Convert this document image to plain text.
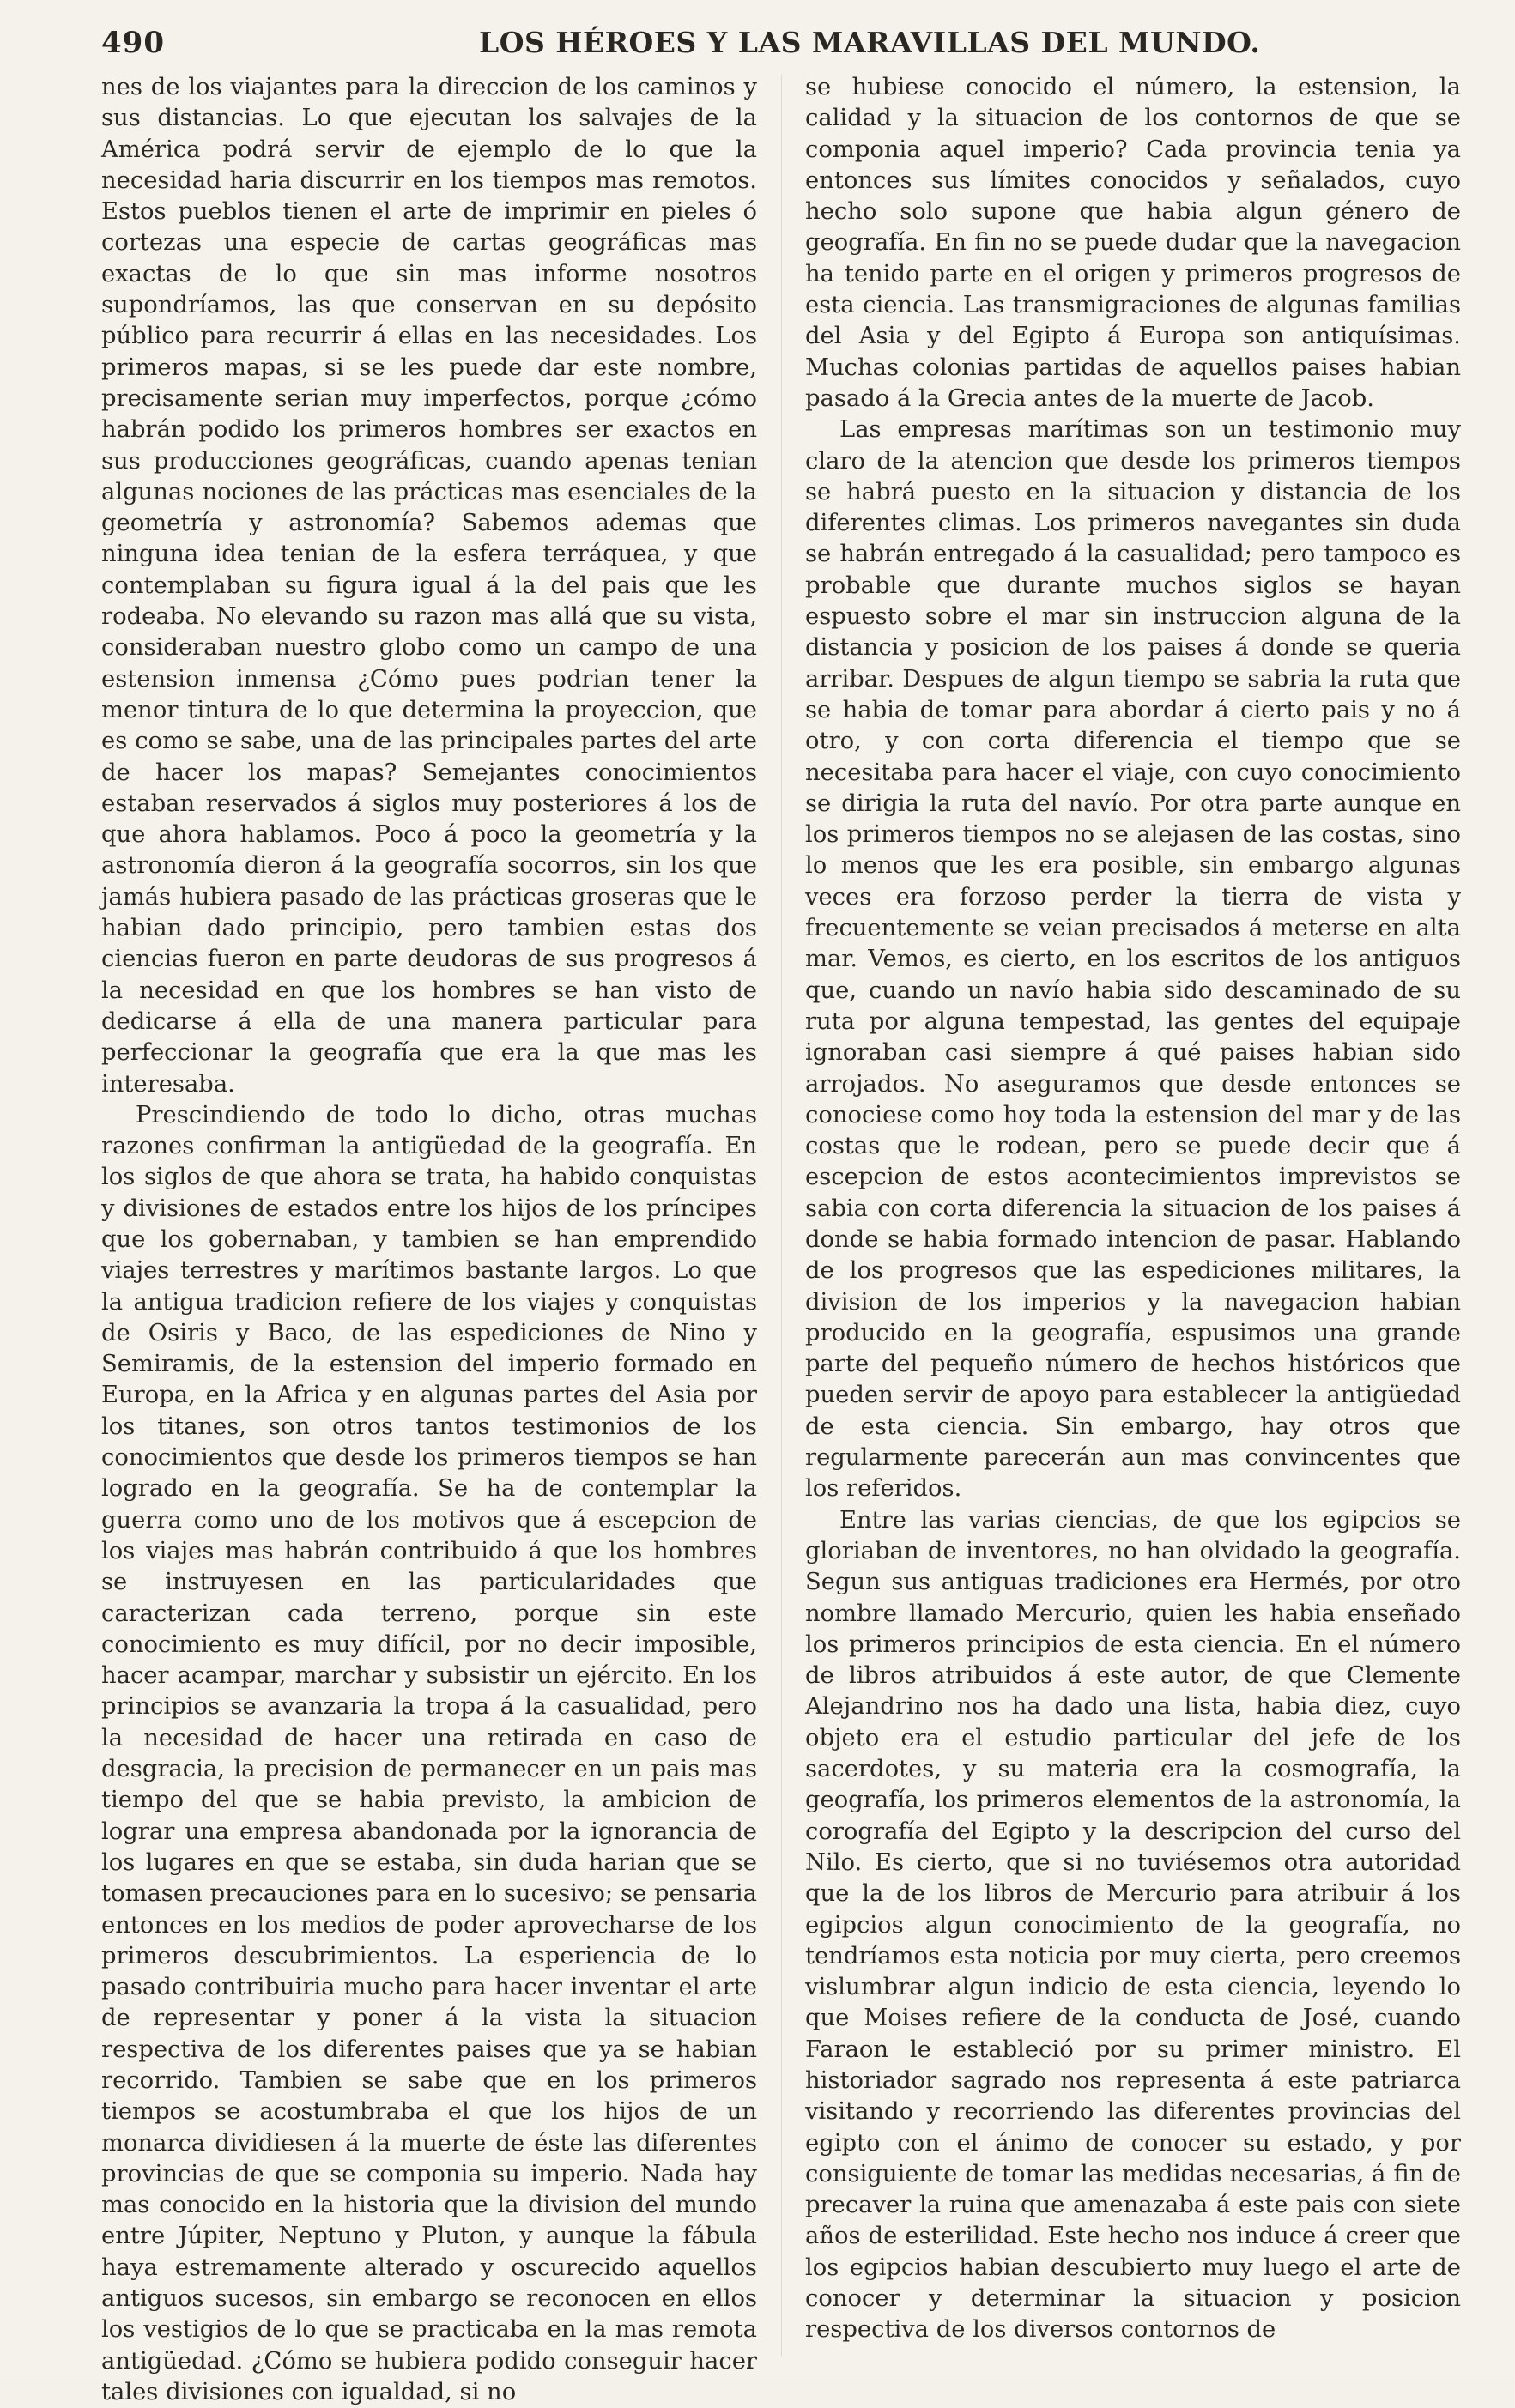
490	LOS HÉROES Y LAS MARAVILLAS DEL MUNDO.

nes de los viajantes para la direccion de los caminos y sus distancias. Lo que ejecutan los salvajes de la América podrá servir de ejemplo de lo que la necesidad haria discurrir en los tiempos mas remotos. Estos pueblos tienen el arte de imprimir en pieles ó cortezas una especie de cartas geográficas mas exactas de lo que sin mas informe nosotros supondríamos, las que conservan en su depósito público para recurrir á ellas en las necesidades. Los primeros mapas, si se les puede dar este nombre, precisamente serian muy imperfectos, porque ¿cómo habrán podido los primeros hombres ser exactos en sus producciones geográficas, cuando apenas tenian algunas nociones de las prácticas mas esenciales de la geometría y astronomía? Sabemos ademas que ninguna idea tenian de la esfera terráquea, y que contemplaban su figura igual á la del pais que les rodeaba. No elevando su razon mas allá que su vista, consideraban nuestro globo como un campo de una estension inmensa ¿Cómo pues podrian tener la menor tintura de lo que determina la proyeccion, que es como se sabe, una de las principales partes del arte de hacer los mapas? Semejantes conocimientos estaban reservados á siglos muy posteriores á los de que ahora hablamos. Poco á poco la geometría y la astronomía dieron á la geografía socorros, sin los que jamás hubiera pasado de las prácticas groseras que le habian dado principio, pero tambien estas dos ciencias fueron en parte deudoras de sus progresos á la necesidad en que los hombres se han visto de dedicarse á ella de una manera particular para perfeccionar la geografía que era la que mas les interesaba.

Prescindiendo de todo lo dicho, otras muchas razones confirman la antigüedad de la geografía. En los siglos de que ahora se trata, ha habido conquistas y divisiones de estados entre los hijos de los príncipes que los gobernaban, y tambien se han emprendido viajes terrestres y marítimos bastante largos. Lo que la antigua tradicion refiere de los viajes y conquistas de Osiris y Baco, de las espediciones de Nino y Semiramis, de la estension del imperio formado en Europa, en la Africa y en algunas partes del Asia por los titanes, son otros tantos testimonios de los conocimientos que desde los primeros tiempos se han logrado en la geografía. Se ha de contemplar la guerra como uno de los motivos que á escepcion de los viajes mas habrán contribuido á que los hombres se instruyesen en las particularidades que caracterizan cada terreno, porque sin este conocimiento es muy difícil, por no decir imposible, hacer acampar, marchar y subsistir un ejército. En los principios se avanzaria la tropa á la casualidad, pero la necesidad de hacer una retirada en caso de desgracia, la precision de permanecer en un pais mas tiempo del que se habia previsto, la ambicion de lograr una empresa abandonada por la ignorancia de los lugares en que se estaba, sin duda harian que se tomasen precauciones para en lo sucesivo; se pensaria entonces en los medios de poder aprovecharse de los primeros descubrimientos. La esperiencia de lo pasado contribuiria mucho para hacer inventar el arte de representar y poner á la vista la situacion respectiva de los diferentes paises que ya se habian recorrido. Tambien se sabe que en los primeros tiempos se acostumbraba el que los hijos de un monarca dividiesen á la muerte de éste las diferentes provincias de que se componia su imperio. Nada hay mas conocido en la historia que la division del mundo entre Júpiter, Neptuno y Pluton, y aunque la fábula haya estremamente alterado y oscurecido aquellos antiguos sucesos, sin embargo se reconocen en ellos los vestigios de lo que se practicaba en la mas remota antigüedad. ¿Cómo se hubiera podido conseguir hacer tales divisiones con igualdad, si no

se hubiese conocido el número, la estension, la calidad y la situacion de los contornos de que se componia aquel imperio? Cada provincia tenia ya entonces sus límites conocidos y señalados, cuyo hecho solo supone que habia algun género de geografía. En fin no se puede dudar que la navegacion ha tenido parte en el origen y primeros progresos de esta ciencia. Las transmigraciones de algunas familias del Asia y del Egipto á Europa son antiquísimas. Muchas colonias partidas de aquellos paises habian pasado á la Grecia antes de la muerte de Jacob.

Las empresas marítimas son un testimonio muy claro de la atencion que desde los primeros tiempos se habrá puesto en la situacion y distancia de los diferentes climas. Los primeros navegantes sin duda se habrán entregado á la casualidad; pero tampoco es probable que durante muchos siglos se hayan espuesto sobre el mar sin instruccion alguna de la distancia y posicion de los paises á donde se queria arribar. Despues de algun tiempo se sabria la ruta que se habia de tomar para abordar á cierto pais y no á otro, y con corta diferencia el tiempo que se necesitaba para hacer el viaje, con cuyo conocimiento se dirigia la ruta del navío. Por otra parte aunque en los primeros tiempos no se alejasen de las costas, sino lo menos que les era posible, sin embargo algunas veces era forzoso perder la tierra de vista y frecuentemente se veian precisados á meterse en alta mar. Vemos, es cierto, en los escritos de los antiguos que, cuando un navío habia sido descaminado de su ruta por alguna tempestad, las gentes del equipaje ignoraban casi siempre á qué paises habian sido arrojados. No aseguramos que desde entonces se conociese como hoy toda la estension del mar y de las costas que le rodean, pero se puede decir que á escepcion de estos acontecimientos imprevistos se sabia con corta diferencia la situacion de los paises á donde se habia formado intencion de pasar. Hablando de los progresos que las espediciones militares, la division de los imperios y la navegacion habian producido en la geografía, espusimos una grande parte del pequeño número de hechos históricos que pueden servir de apoyo para establecer la antigüedad de esta ciencia. Sin embargo, hay otros que regularmente parecerán aun mas convincentes que los referidos.

Entre las varias ciencias, de que los egipcios se gloriaban de inventores, no han olvidado la geografía. Segun sus antiguas tradiciones era Hermés, por otro nombre llamado Mercurio, quien les habia enseñado los primeros principios de esta ciencia. En el número de libros atribuidos á este autor, de que Clemente Alejandrino nos ha dado una lista, habia diez, cuyo objeto era el estudio particular del jefe de los sacerdotes, y su materia era la cosmografía, la geografía, los primeros elementos de la astronomía, la corografía del Egipto y la descripcion del curso del Nilo. Es cierto, que si no tuviésemos otra autoridad que la de los libros de Mercurio para atribuir á los egipcios algun conocimiento de la geografía, no tendríamos esta noticia por muy cierta, pero creemos vislumbrar algun indicio de esta ciencia, leyendo lo que Moises refiere de la conducta de José, cuando Faraon le estableció por su primer ministro. El historiador sagrado nos representa á este patriarca visitando y recorriendo las diferentes provincias del egipto con el ánimo de conocer su estado, y por consiguiente de tomar las medidas necesarias, á fin de precaver la ruina que amenazaba á este pais con siete años de esterilidad. Este hecho nos induce á creer que los egipcios habian descubierto muy luego el arte de conocer y determinar la situacion y posicion respectiva de los diversos contornos de
